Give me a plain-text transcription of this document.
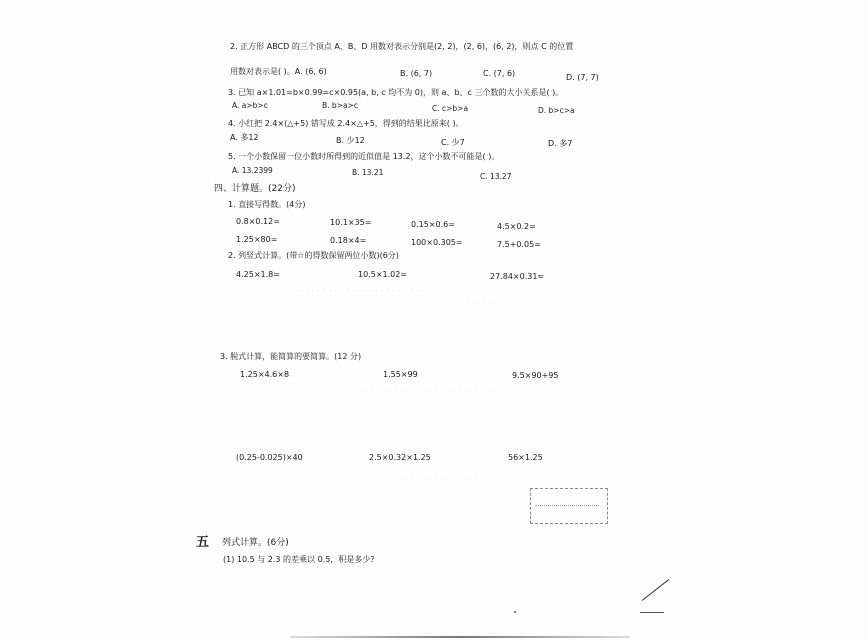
2. 正方形 ABCD 的三个顶点 A、B、D 用数对表示分别是(2, 2)，(2, 6)，(6, 2)，则点 C 的位置
用数对表示是( )。A. (6, 6)	B. (6, 7)	C. (7, 6)	D. (7, 7)
3. 已知 a×1.01=b×0.99=c×0.95(a, b, c 均不为 0)，则 a、b、c 三个数的大小关系是( )。
A. a>b>c	B. b>a>c	C. c>b>a	D. b>c>a
4. 小红把 2.4×(△+5) 错写成 2.4×△+5，得到的结果比原来( )。
A. 多12	B. 少12	C. 少7	D. 多7
5. 一个小数保留一位小数时所得到的近似值是 13.2，这个小数不可能是( )。
A. 13.2399	B. 13.21	C. 13.27
四、计算题。(22分)
1. 直接写得数。(4分)
0.8×0.12=	10.1×35=	0.15×0.6=	4.5×0.2=
1.25×80=	0.18×4=	100×0.305=	7.5+0.05=
2. 列竖式计算。(带☆的得数保留两位小数)(6分)
4.25×1.8=	10.5×1.02=	27.84×0.31≈
· · · · · · · · · · · · · · · · · · · · · ·
· · · · · · · ·
3. 脱式计算，能简算的要简算。(12 分)
1.25×4.6×8	1.55×99	9.5×90+95
· · · · · · · · · · · · · · · · · · · · · · · ·
(0.25-0.025)×40	2.5×0.32×1.25	56×1.25
· · · · · · · · · · · · · ·
五 列式计算。(6分)
(1) 10.5 与 2.3 的差乘以 0.5，积是多少?
